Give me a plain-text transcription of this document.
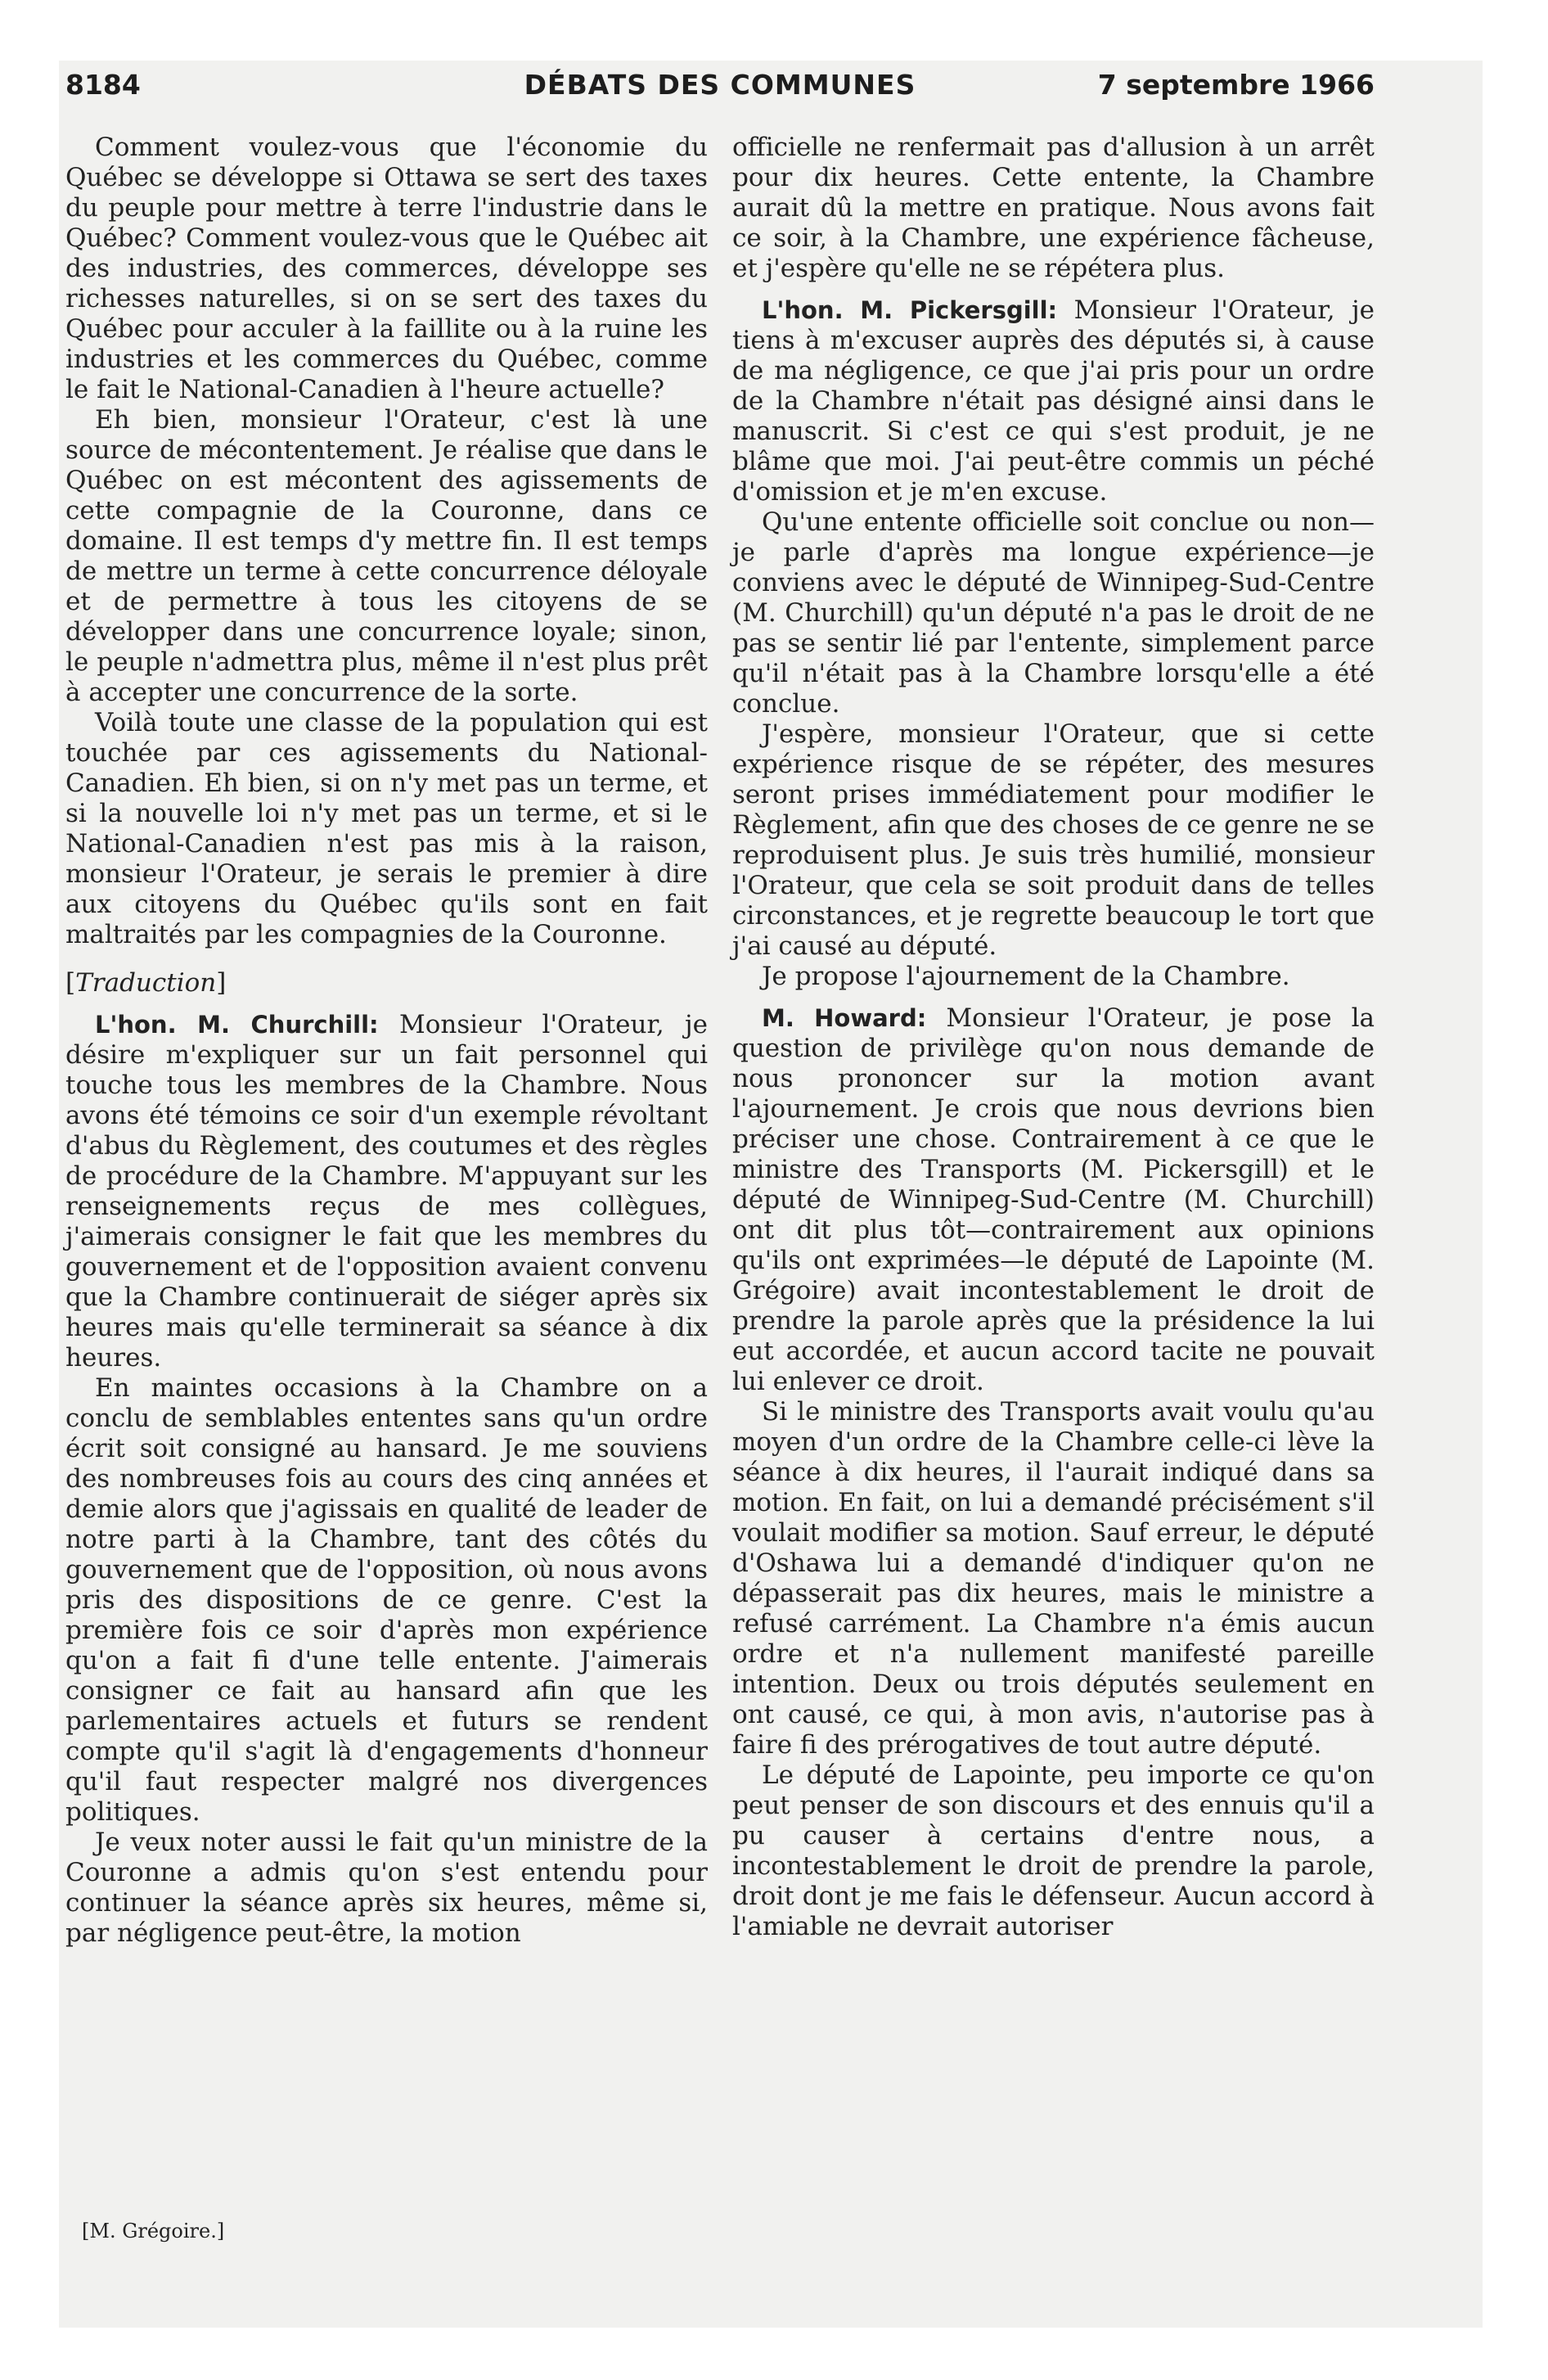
8184	DÉBATS DES COMMUNES	7 septembre 1966

Comment voulez-vous que l'économie du Québec se développe si Ottawa se sert des taxes du peuple pour mettre à terre l'industrie dans le Québec? Comment voulez-vous que le Québec ait des industries, des commerces, développe ses richesses naturelles, si on se sert des taxes du Québec pour acculer à la faillite ou à la ruine les industries et les commerces du Québec, comme le fait le National-Canadien à l'heure actuelle?

Eh bien, monsieur l'Orateur, c'est là une source de mécontentement. Je réalise que dans le Québec on est mécontent des agissements de cette compagnie de la Couronne, dans ce domaine. Il est temps d'y mettre fin. Il est temps de mettre un terme à cette concurrence déloyale et de permettre à tous les citoyens de se développer dans une concurrence loyale; sinon, le peuple n'admettra plus, même il n'est plus prêt à accepter une concurrence de la sorte.

Voilà toute une classe de la population qui est touchée par ces agissements du National-Canadien. Eh bien, si on n'y met pas un terme, et si la nouvelle loi n'y met pas un terme, et si le National-Canadien n'est pas mis à la raison, monsieur l'Orateur, je serais le premier à dire aux citoyens du Québec qu'ils sont en fait maltraités par les compagnies de la Couronne.

[Traduction]

L'hon. M. Churchill: Monsieur l'Orateur, je désire m'expliquer sur un fait personnel qui touche tous les membres de la Chambre. Nous avons été témoins ce soir d'un exemple révoltant d'abus du Règlement, des coutumes et des règles de procédure de la Chambre. M'appuyant sur les renseignements reçus de mes collègues, j'aimerais consigner le fait que les membres du gouvernement et de l'opposition avaient convenu que la Chambre continuerait de siéger après six heures mais qu'elle terminerait sa séance à dix heures.

En maintes occasions à la Chambre on a conclu de semblables ententes sans qu'un ordre écrit soit consigné au hansard. Je me souviens des nombreuses fois au cours des cinq années et demie alors que j'agissais en qualité de leader de notre parti à la Chambre, tant des côtés du gouvernement que de l'opposition, où nous avons pris des dispositions de ce genre. C'est la première fois ce soir d'après mon expérience qu'on a fait fi d'une telle entente. J'aimerais consigner ce fait au hansard afin que les parlementaires actuels et futurs se rendent compte qu'il s'agit là d'engagements d'honneur qu'il faut respecter malgré nos divergences politiques.

Je veux noter aussi le fait qu'un ministre de la Couronne a admis qu'on s'est entendu pour continuer la séance après six heures, même si, par négligence peut-être, la motion

officielle ne renfermait pas d'allusion à un arrêt pour dix heures. Cette entente, la Chambre aurait dû la mettre en pratique. Nous avons fait ce soir, à la Chambre, une expérience fâcheuse, et j'espère qu'elle ne se répétera plus.

L'hon. M. Pickersgill: Monsieur l'Orateur, je tiens à m'excuser auprès des députés si, à cause de ma négligence, ce que j'ai pris pour un ordre de la Chambre n'était pas désigné ainsi dans le manuscrit. Si c'est ce qui s'est produit, je ne blâme que moi. J'ai peut-être commis un péché d'omission et je m'en excuse.

Qu'une entente officielle soit conclue ou non—je parle d'après ma longue expérience—je conviens avec le député de Winnipeg-Sud-Centre (M. Churchill) qu'un député n'a pas le droit de ne pas se sentir lié par l'entente, simplement parce qu'il n'était pas à la Chambre lorsqu'elle a été conclue.

J'espère, monsieur l'Orateur, que si cette expérience risque de se répéter, des mesures seront prises immédiatement pour modifier le Règlement, afin que des choses de ce genre ne se reproduisent plus. Je suis très humilié, monsieur l'Orateur, que cela se soit produit dans de telles circonstances, et je regrette beaucoup le tort que j'ai causé au député.

Je propose l'ajournement de la Chambre.

M. Howard: Monsieur l'Orateur, je pose la question de privilège qu'on nous demande de nous prononcer sur la motion avant l'ajournement. Je crois que nous devrions bien préciser une chose. Contrairement à ce que le ministre des Transports (M. Pickersgill) et le député de Winnipeg-Sud-Centre (M. Churchill) ont dit plus tôt—contrairement aux opinions qu'ils ont exprimées—le député de Lapointe (M. Grégoire) avait incontestablement le droit de prendre la parole après que la présidence la lui eut accordée, et aucun accord tacite ne pouvait lui enlever ce droit.

Si le ministre des Transports avait voulu qu'au moyen d'un ordre de la Chambre celle-ci lève la séance à dix heures, il l'aurait indiqué dans sa motion. En fait, on lui a demandé précisément s'il voulait modifier sa motion. Sauf erreur, le député d'Oshawa lui a demandé d'indiquer qu'on ne dépasserait pas dix heures, mais le ministre a refusé carrément. La Chambre n'a émis aucun ordre et n'a nullement manifesté pareille intention. Deux ou trois députés seulement en ont causé, ce qui, à mon avis, n'autorise pas à faire fi des prérogatives de tout autre député.

Le député de Lapointe, peu importe ce qu'on peut penser de son discours et des ennuis qu'il a pu causer à certains d'entre nous, a incontestablement le droit de prendre la parole, droit dont je me fais le défenseur. Aucun accord à l'amiable ne devrait autoriser

[M. Grégoire.]
